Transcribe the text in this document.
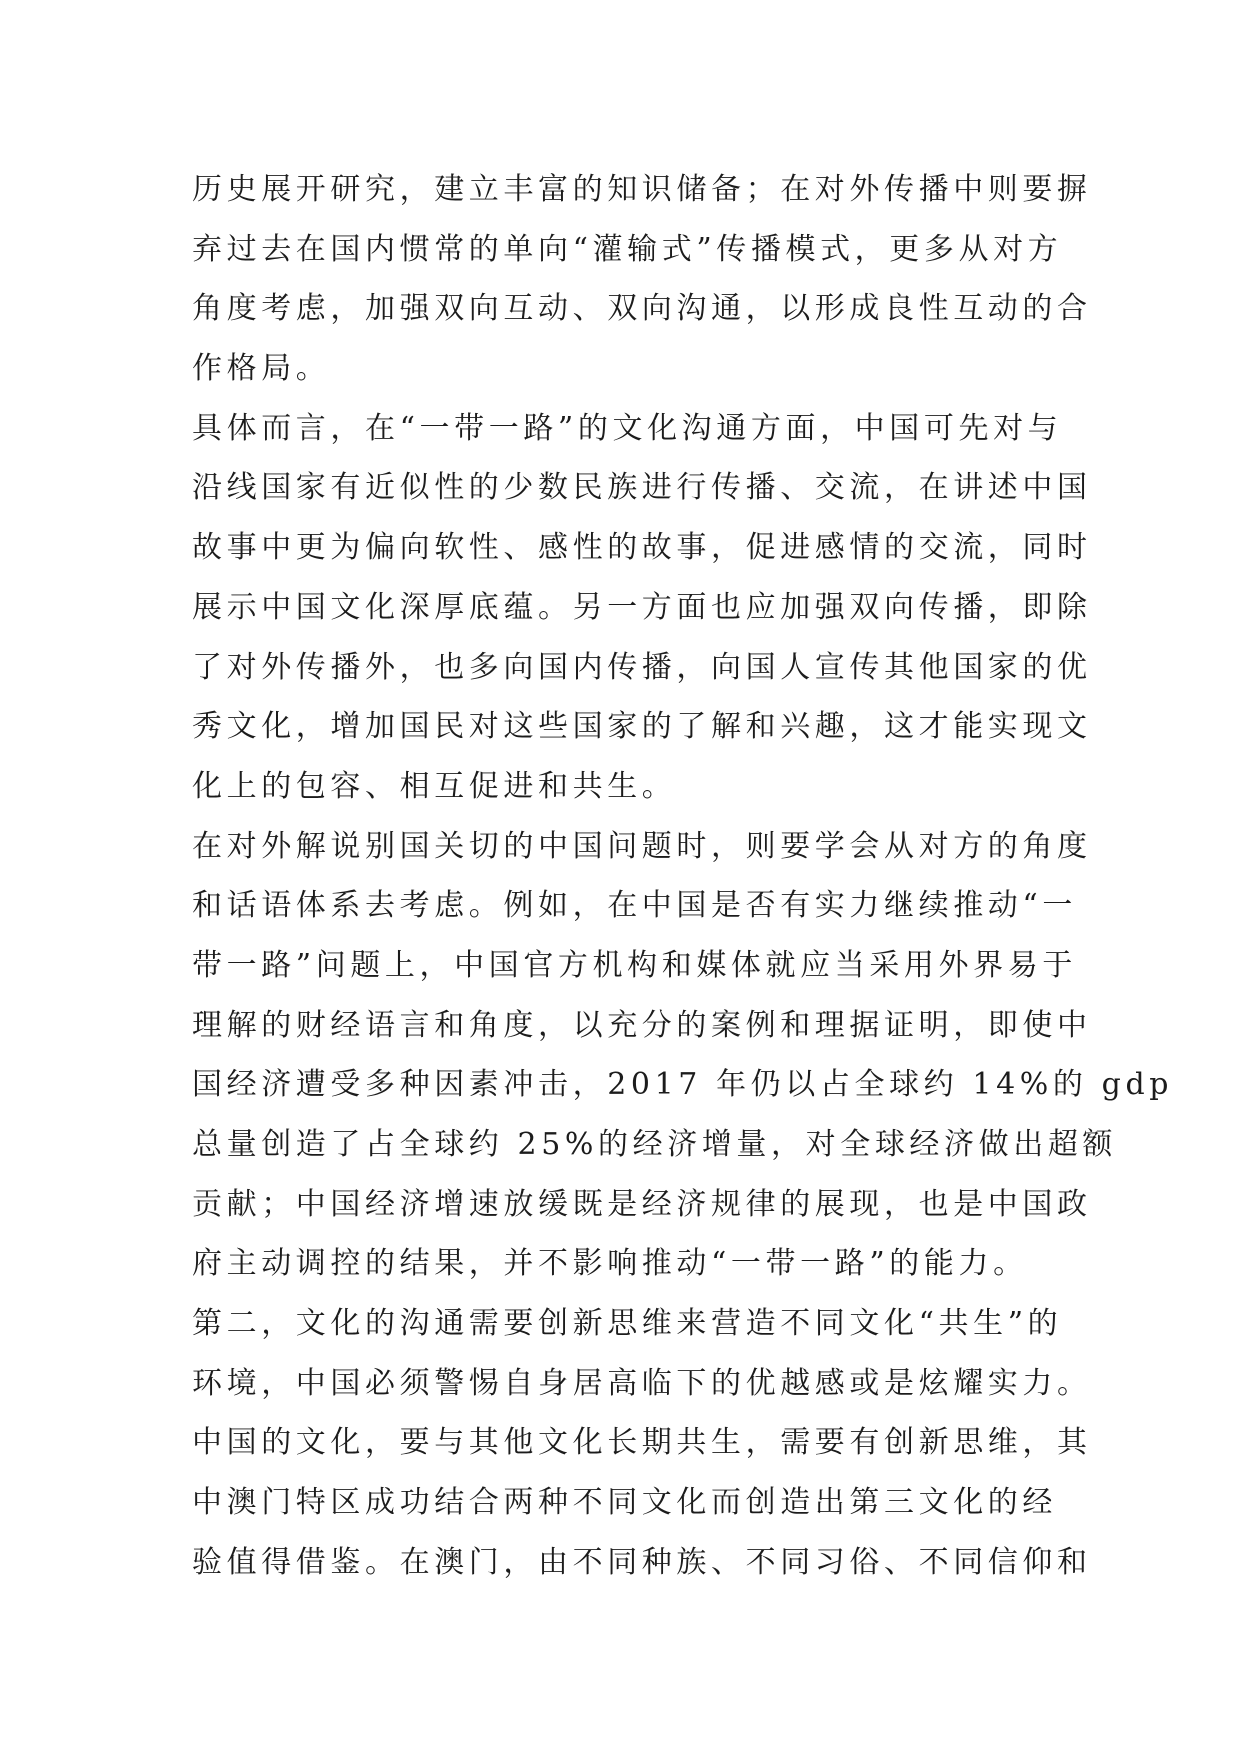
历史展开研究，建立丰富的知识储备；在对外传播中则要摒
弃过去在国内惯常的单向“灌输式”传播模式，更多从对方
角度考虑，加强双向互动、双向沟通，以形成良性互动的合
作格局。
具体而言，在“一带一路”的文化沟通方面，中国可先对与
沿线国家有近似性的少数民族进行传播、交流，在讲述中国
故事中更为偏向软性、感性的故事，促进感情的交流，同时
展示中国文化深厚底蕴。另一方面也应加强双向传播，即除
了对外传播外，也多向国内传播，向国人宣传其他国家的优
秀文化，增加国民对这些国家的了解和兴趣，这才能实现文
化上的包容、相互促进和共生。
在对外解说别国关切的中国问题时，则要学会从对方的角度
和话语体系去考虑。例如，在中国是否有实力继续推动“一
带一路”问题上，中国官方机构和媒体就应当采用外界易于
理解的财经语言和角度，以充分的案例和理据证明，即使中
国经济遭受多种因素冲击，2017 年仍以占全球约 14%的 gdp
总量创造了占全球约 25%的经济增量，对全球经济做出超额
贡献；中国经济增速放缓既是经济规律的展现，也是中国政
府主动调控的结果，并不影响推动“一带一路”的能力。
第二，文化的沟通需要创新思维来营造不同文化“共生”的
环境，中国必须警惕自身居高临下的优越感或是炫耀实力。
中国的文化，要与其他文化长期共生，需要有创新思维，其
中澳门特区成功结合两种不同文化而创造出第三文化的经
验值得借鉴。在澳门，由不同种族、不同习俗、不同信仰和
